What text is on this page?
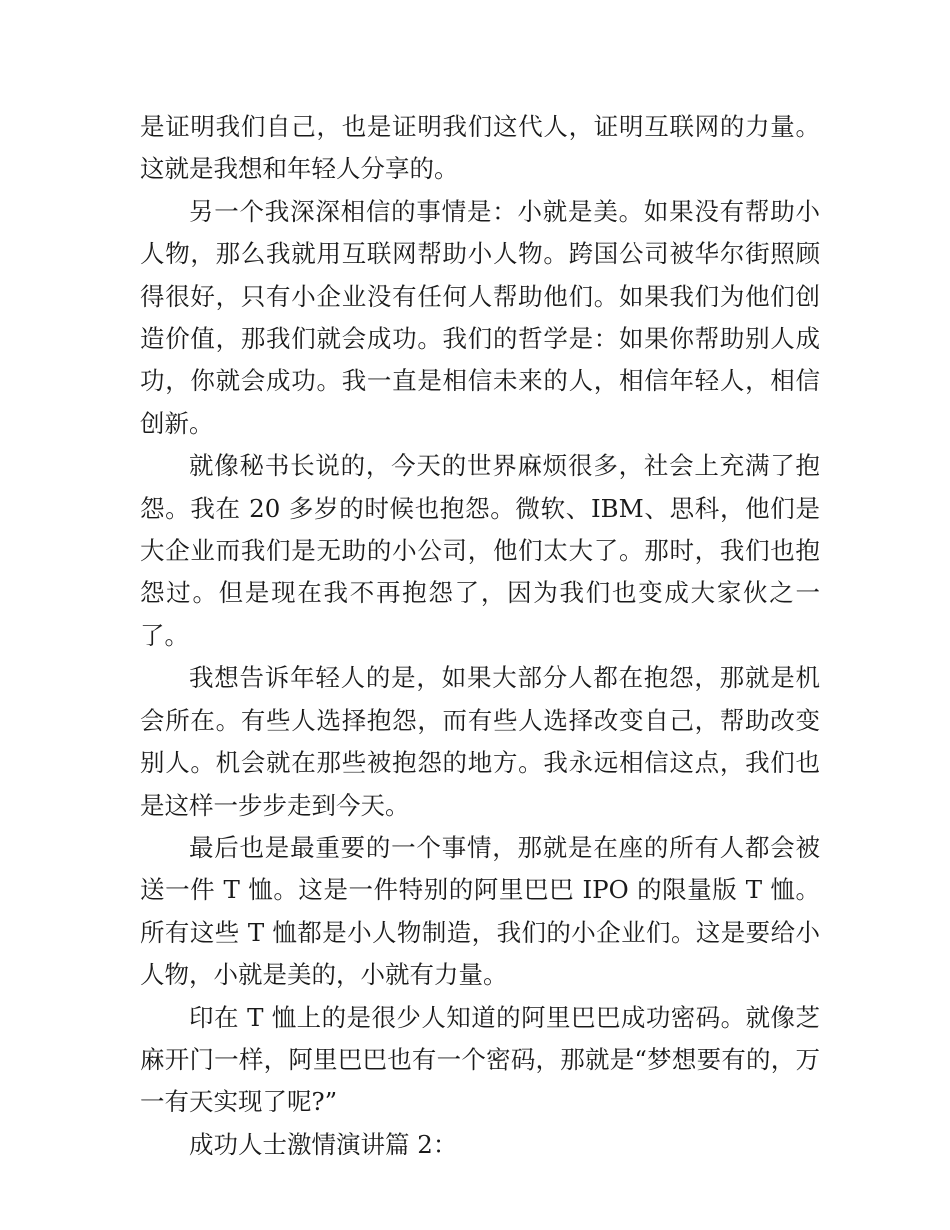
是证明我们自己，也是证明我们这代人，证明互联网的力量。这就是我想和年轻人分享的。

另一个我深深相信的事情是：小就是美。如果没有帮助小人物，那么我就用互联网帮助小人物。跨国公司被华尔街照顾得很好，只有小企业没有任何人帮助他们。如果我们为他们创造价值，那我们就会成功。我们的哲学是：如果你帮助别人成功，你就会成功。我一直是相信未来的人，相信年轻人，相信创新。

就像秘书长说的，今天的世界麻烦很多，社会上充满了抱怨。我在 20 多岁的时候也抱怨。微软、IBM、思科，他们是大企业而我们是无助的小公司，他们太大了。那时，我们也抱怨过。但是现在我不再抱怨了，因为我们也变成大家伙之一了。

我想告诉年轻人的是，如果大部分人都在抱怨，那就是机会所在。有些人选择抱怨，而有些人选择改变自己，帮助改变别人。机会就在那些被抱怨的地方。我永远相信这点，我们也是这样一步步走到今天。

最后也是最重要的一个事情，那就是在座的所有人都会被送一件 T 恤。这是一件特别的阿里巴巴 IPO 的限量版 T 恤。所有这些 T 恤都是小人物制造，我们的小企业们。这是要给小人物，小就是美的，小就有力量。

印在 T 恤上的是很少人知道的阿里巴巴成功密码。就像芝麻开门一样，阿里巴巴也有一个密码，那就是“梦想要有的，万一有天实现了呢?”

成功人士激情演讲篇 2：
